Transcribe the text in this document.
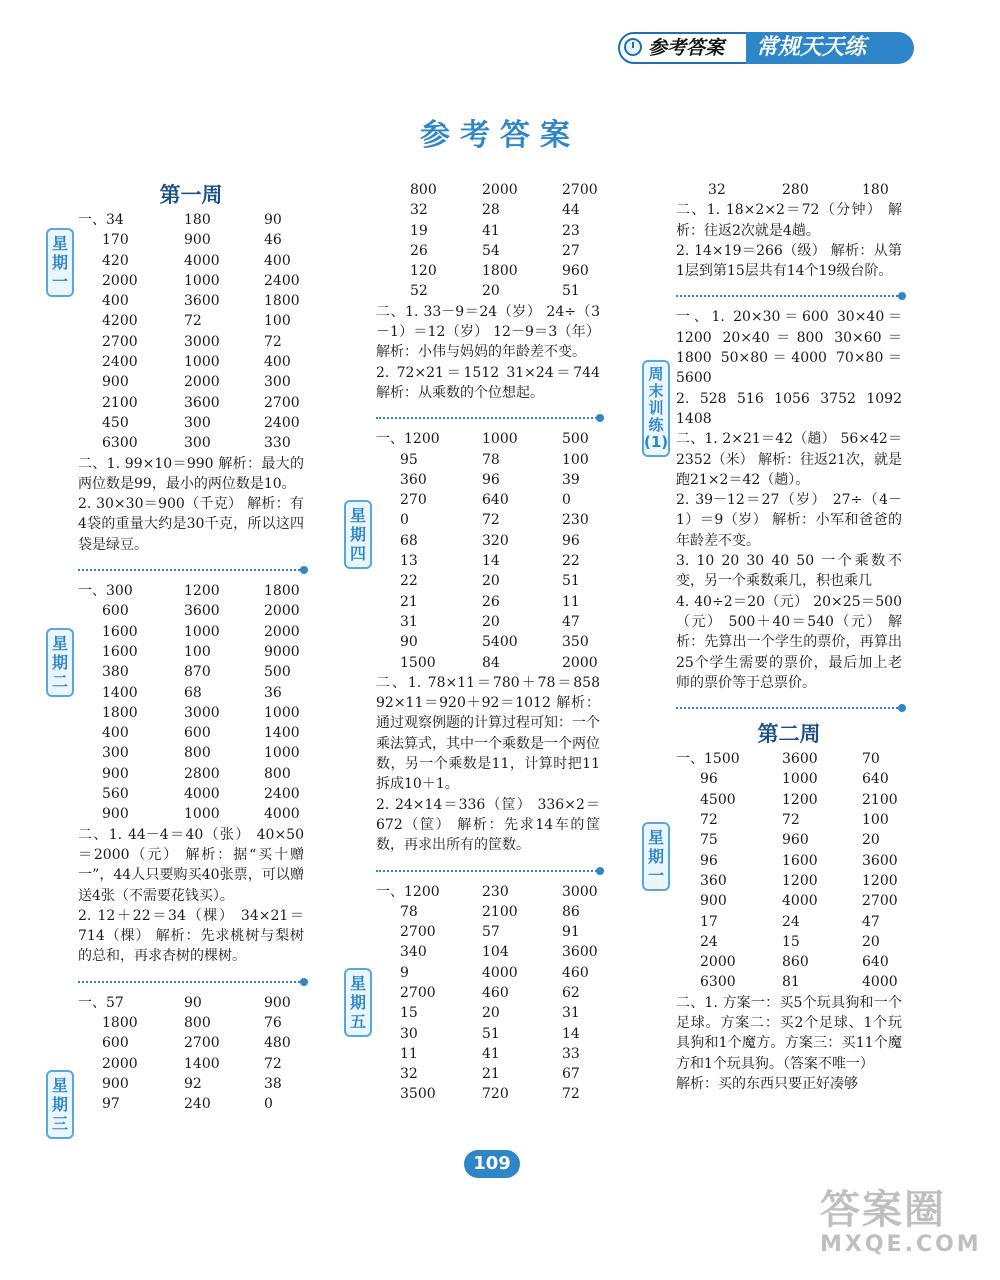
参考答案	常规天天练
参考答案
第一周
一、34	180	90
170	900	46
420	4000	400
2000	1000	2400
400	3600	1800
4200	72	100
2700	3000	72
2400	1000	400
900	2000	300
2100	3600	2700
450	300	2400
6300	300	330
二、1. 99×10＝990 解析：最大的两位数是99，最小的两位数是10。
2. 30×30＝900（千克） 解析：有4袋的重量大约是30千克，所以这四袋是绿豆。
一、300	1200	1800
600	3600	2000
1600	1000	2000
1600	100	9000
380	870	500
1400	68	36
1800	3000	1000
400	600	1400
300	800	1000
900	2800	800
560	4000	2400
900	1000	4000
二、1. 44－4＝40（张） 40×50＝2000（元） 解析：据“买十赠一”，44人只要购买40张票，可以赠送4张（不需要花钱买）。
2. 12＋22＝34（棵） 34×21＝714（棵） 解析：先求桃树与梨树的总和，再求杏树的棵树。
一、57	90	900
1800	800	76
600	2700	480
2000	1400	72
900	92	38
97	240	0
星期一
星期二
星期三
800	2000	2700
32	28	44
19	41	23
26	54	27
120	1800	960
52	20	51
二、1. 33－9＝24（岁） 24÷（3－1）＝12（岁） 12－9＝3（年） 解析：小伟与妈妈的年龄差不变。
2. 72×21＝1512 31×24＝744 解析：从乘数的个位想起。
一、1200	1000	500
95	78	100
360	96	39
270	640	0
0	72	230
68	320	96
13	14	22
22	20	51
21	26	11
31	20	47
90	5400	350
1500	84	2000
二、1. 78×11＝780＋78＝858 92×11＝920＋92＝1012 解析：通过观察例题的计算过程可知：一个乘法算式，其中一个乘数是一个两位数，另一个乘数是11，计算时把11拆成10＋1。
2. 24×14＝336（筐） 336×2＝672（筐） 解析：先求14车的筐数，再求出所有的筐数。
一、1200	230	3000
78	2100	86
2700	57	91
340	104	3600
9	4000	460
2700	460	62
15	20	31
30	51	14
11	41	33
32	21	67
3500	720	72
星期四
星期五
32	280	180
二、1. 18×2×2＝72（分钟） 解析：往返2次就是4趟。
2. 14×19＝266（级） 解析：从第1层到第15层共有14个19级台阶。
一、1. 20×30＝600 30×40＝1200 20×40＝800 30×60＝1800 50×80＝4000 70×80＝5600
2. 528 516 1056 3752 1092 1408
二、1. 2×21＝42（趟） 56×42＝2352（米） 解析：往返21次，就是跑21×2＝42（趟）。
2. 39－12＝27（岁） 27÷（4－1）＝9（岁） 解析：小军和爸爸的年龄差不变。
3. 10 20 30 40 50 一个乘数不变，另一个乘数乘几，积也乘几
4. 40÷2＝20（元） 20×25＝500（元） 500＋40＝540（元） 解析：先算出一个学生的票价，再算出25个学生需要的票价，最后加上老师的票价等于总票价。
第二周
一、1500	3600	70
96	1000	640
4500	1200	2100
72	72	100
75	960	20
96	1600	3600
360	1200	1200
900	4000	2700
17	24	47
24	15	20
2000	860	640
6300	81	4000
二、1. 方案一：买5个玩具狗和一个足球。方案二：买2个足球、1个玩具狗和1个魔方。方案三：买11个魔方和1个玩具狗。（答案不唯一）
解析：买的东西只要正好凑够
周末训练(1)
星期一
109
答案圈
MXQE.COM
